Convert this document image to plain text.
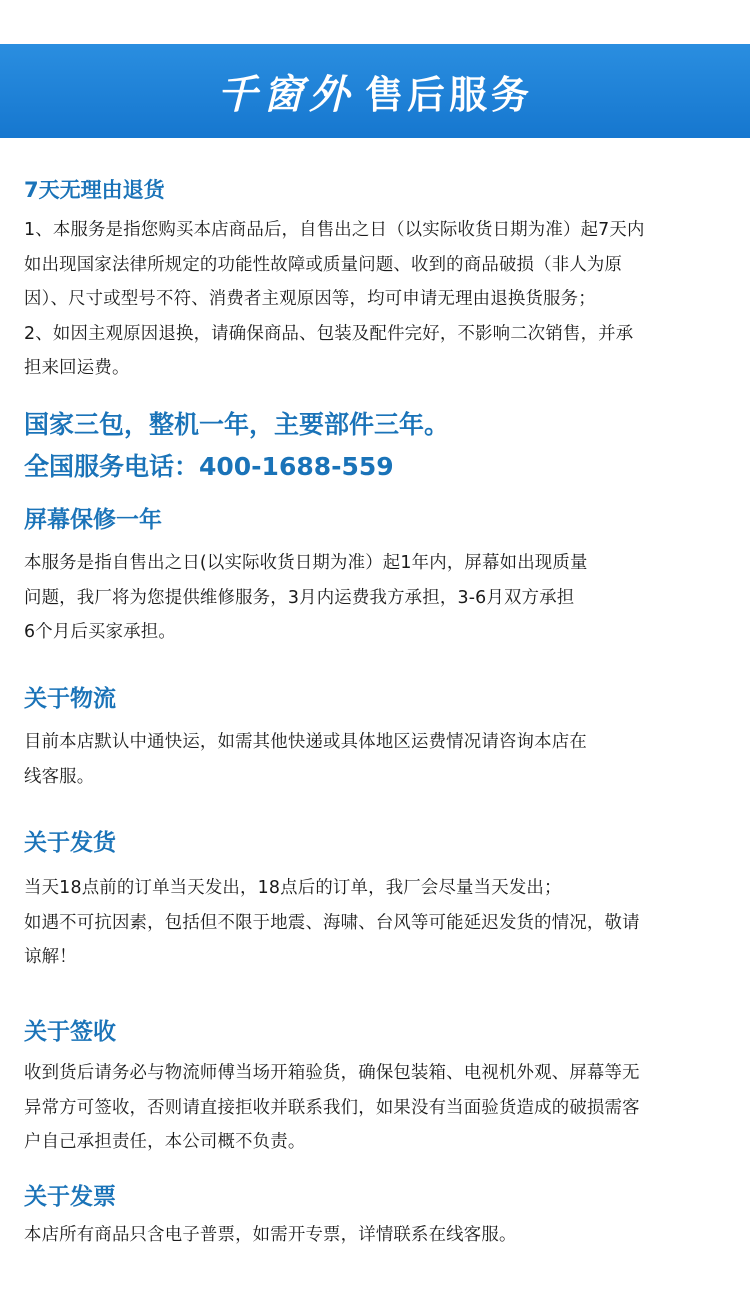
千窗外 售后服务
7天无理由退货
1、本服务是指您购买本店商品后，自售出之日（以实际收货日期为准）起7天内
如出现国家法律所规定的功能性故障或质量问题、收到的商品破损（非人为原
因）、尺寸或型号不符、消费者主观原因等，均可申请无理由退换货服务；
2、如因主观原因退换，请确保商品、包装及配件完好，不影响二次销售，并承
担来回运费。
国家三包，整机一年，主要部件三年。
全国服务电话：400-1688-559
屏幕保修一年
本服务是指自售出之日(以实际收货日期为准）起1年内，屏幕如出现质量
问题，我厂将为您提供维修服务，3月内运费我方承担，3-6月双方承担
6个月后买家承担。
关于物流
目前本店默认中通快运，如需其他快递或具体地区运费情况请咨询本店在
线客服。
关于发货
当天18点前的订单当天发出，18点后的订单，我厂会尽量当天发出；
如遇不可抗因素，包括但不限于地震、海啸、台风等可能延迟发货的情况，敬请
谅解！
关于签收
收到货后请务必与物流师傅当场开箱验货，确保包装箱、电视机外观、屏幕等无
异常方可签收，否则请直接拒收并联系我们，如果没有当面验货造成的破损需客
户自己承担责任，本公司概不负责。
关于发票
本店所有商品只含电子普票，如需开专票，详情联系在线客服。
